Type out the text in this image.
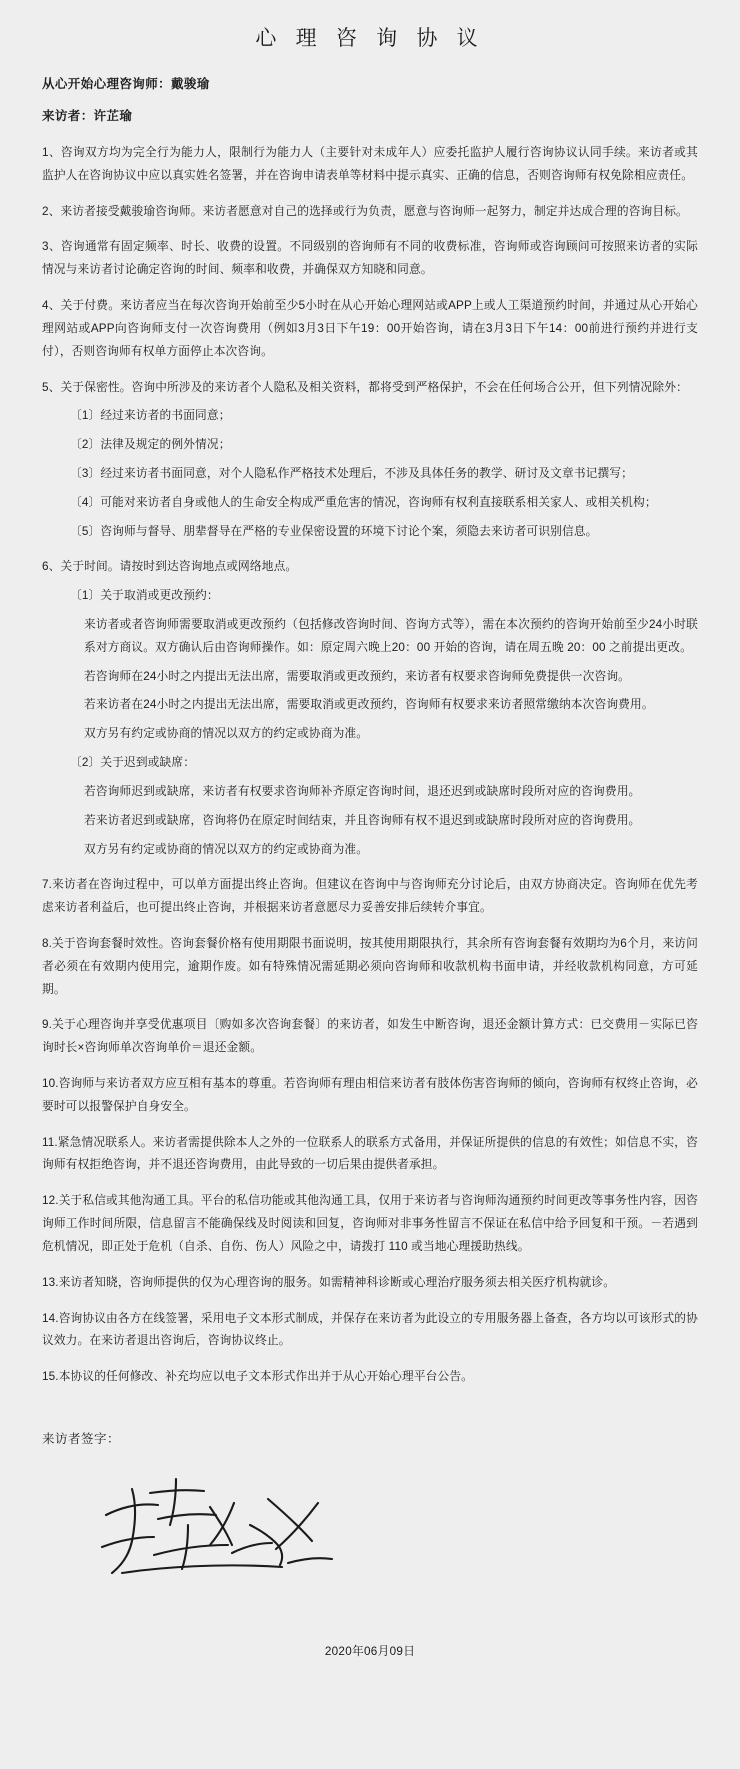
心 理 咨 询 协 议
从心开始心理咨询师：戴骏瑜
来访者：许芷瑜

1、咨询双方均为完全行为能力人，限制行为能力人（主要针对未成年人）应委托监护人履行咨询协议认同手续。来访者或其监护人在咨询协议中应以真实姓名签署，并在咨询申请表单等材料中提示真实、正确的信息，否则咨询师有权免除相应责任。

2、来访者接受戴骏瑜咨询师。来访者愿意对自己的选择或行为负责，愿意与咨询师一起努力，制定并达成合理的咨询目标。

3、咨询通常有固定频率、时长、收费的设置。不同级别的咨询师有不同的收费标准，咨询师或咨询顾问可按照来访者的实际情况与来访者讨论确定咨询的时间、频率和收费，并确保双方知晓和同意。

4、关于付费。来访者应当在每次咨询开始前至少5小时在从心开始心理网站或APP上或人工渠道预约时间，并通过从心开始心理网站或APP向咨询师支付一次咨询费用（例如3月3日下午19：00开始咨询，请在3月3日下午14：00前进行预约并进行支付），否则咨询师有权单方面停止本次咨询。

5、关于保密性。咨询中所涉及的来访者个人隐私及相关资料，都将受到严格保护，不会在任何场合公开，但下列情况除外：

〔1〕经过来访者的书面同意；

〔2〕法律及规定的例外情况；

〔3〕经过来访者书面同意，对个人隐私作严格技术处理后，不涉及具体任务的教学、研讨及文章书记撰写；

〔4〕可能对来访者自身或他人的生命安全构成严重危害的情况，咨询师有权利直接联系相关家人、或相关机构；

〔5〕咨询师与督导、朋辈督导在严格的专业保密设置的环境下讨论个案，须隐去来访者可识别信息。

6、关于时间。请按时到达咨询地点或网络地点。

〔1〕关于取消或更改预约：

来访者或者咨询师需要取消或更改预约（包括修改咨询时间、咨询方式等），需在本次预约的咨询开始前至少24小时联系对方商议。双方确认后由咨询师操作。如：原定周六晚上20：00 开始的咨询，请在周五晚 20：00 之前提出更改。

若咨询师在24小时之内提出无法出席，需要取消或更改预约，来访者有权要求咨询师免费提供一次咨询。

若来访者在24小时之内提出无法出席，需要取消或更改预约，咨询师有权要求来访者照常缴纳本次咨询费用。

双方另有约定或协商的情况以双方的约定或协商为准。

〔2〕关于迟到或缺席：

若咨询师迟到或缺席，来访者有权要求咨询师补齐原定咨询时间，退还迟到或缺席时段所对应的咨询费用。

若来访者迟到或缺席，咨询将仍在原定时间结束，并且咨询师有权不退迟到或缺席时段所对应的咨询费用。

双方另有约定或协商的情况以双方的约定或协商为准。

7.来访者在咨询过程中，可以单方面提出终止咨询。但建议在咨询中与咨询师充分讨论后，由双方协商决定。咨询师在优先考虑来访者利益后，也可提出终止咨询，并根据来访者意愿尽力妥善安排后续转介事宜。

8.关于咨询套餐时效性。咨询套餐价格有使用期限书面说明，按其使用期限执行，其余所有咨询套餐有效期均为6个月，来访问者必须在有效期内使用完，逾期作废。如有特殊情况需延期必须向咨询师和收款机构书面申请，并经收款机构同意，方可延期。

9.关于心理咨询并享受优惠项目〔购如多次咨询套餐〕的来访者，如发生中断咨询，退还金额计算方式：已交费用－实际已咨询时长×咨询师单次咨询单价＝退还金额。

10.咨询师与来访者双方应互相有基本的尊重。若咨询师有理由相信来访者有肢体伤害咨询师的倾向，咨询师有权终止咨询，必要时可以报警保护自身安全。

11.紧急情况联系人。来访者需提供除本人之外的一位联系人的联系方式备用，并保证所提供的信息的有效性；如信息不实，咨询师有权拒绝咨询，并不退还咨询费用，由此导致的一切后果由提供者承担。

12.关于私信或其他沟通工具。平台的私信功能或其他沟通工具，仅用于来访者与咨询师沟通预约时间更改等事务性内容，因咨询师工作时间所限，信息留言不能确保线及时阅读和回复，咨询师对非事务性留言不保证在私信中给予回复和干预。－若遇到危机情况，即正处于危机（自杀、自伤、伤人）风险之中，请拨打 110 或当地心理援助热线。

13.来访者知晓，咨询师提供的仅为心理咨询的服务。如需精神科诊断或心理治疗服务须去相关医疗机构就诊。

14.咨询协议由各方在线签署，采用电子文本形式制成，并保存在来访者为此设立的专用服务器上备查，各方均以可该形式的协议效力。在来访者退出咨询后，咨询协议终止。

15.本协议的任何修改、补充均应以电子文本形式作出并于从心开始心理平台公告。

来访者签字：
2020年06月09日
